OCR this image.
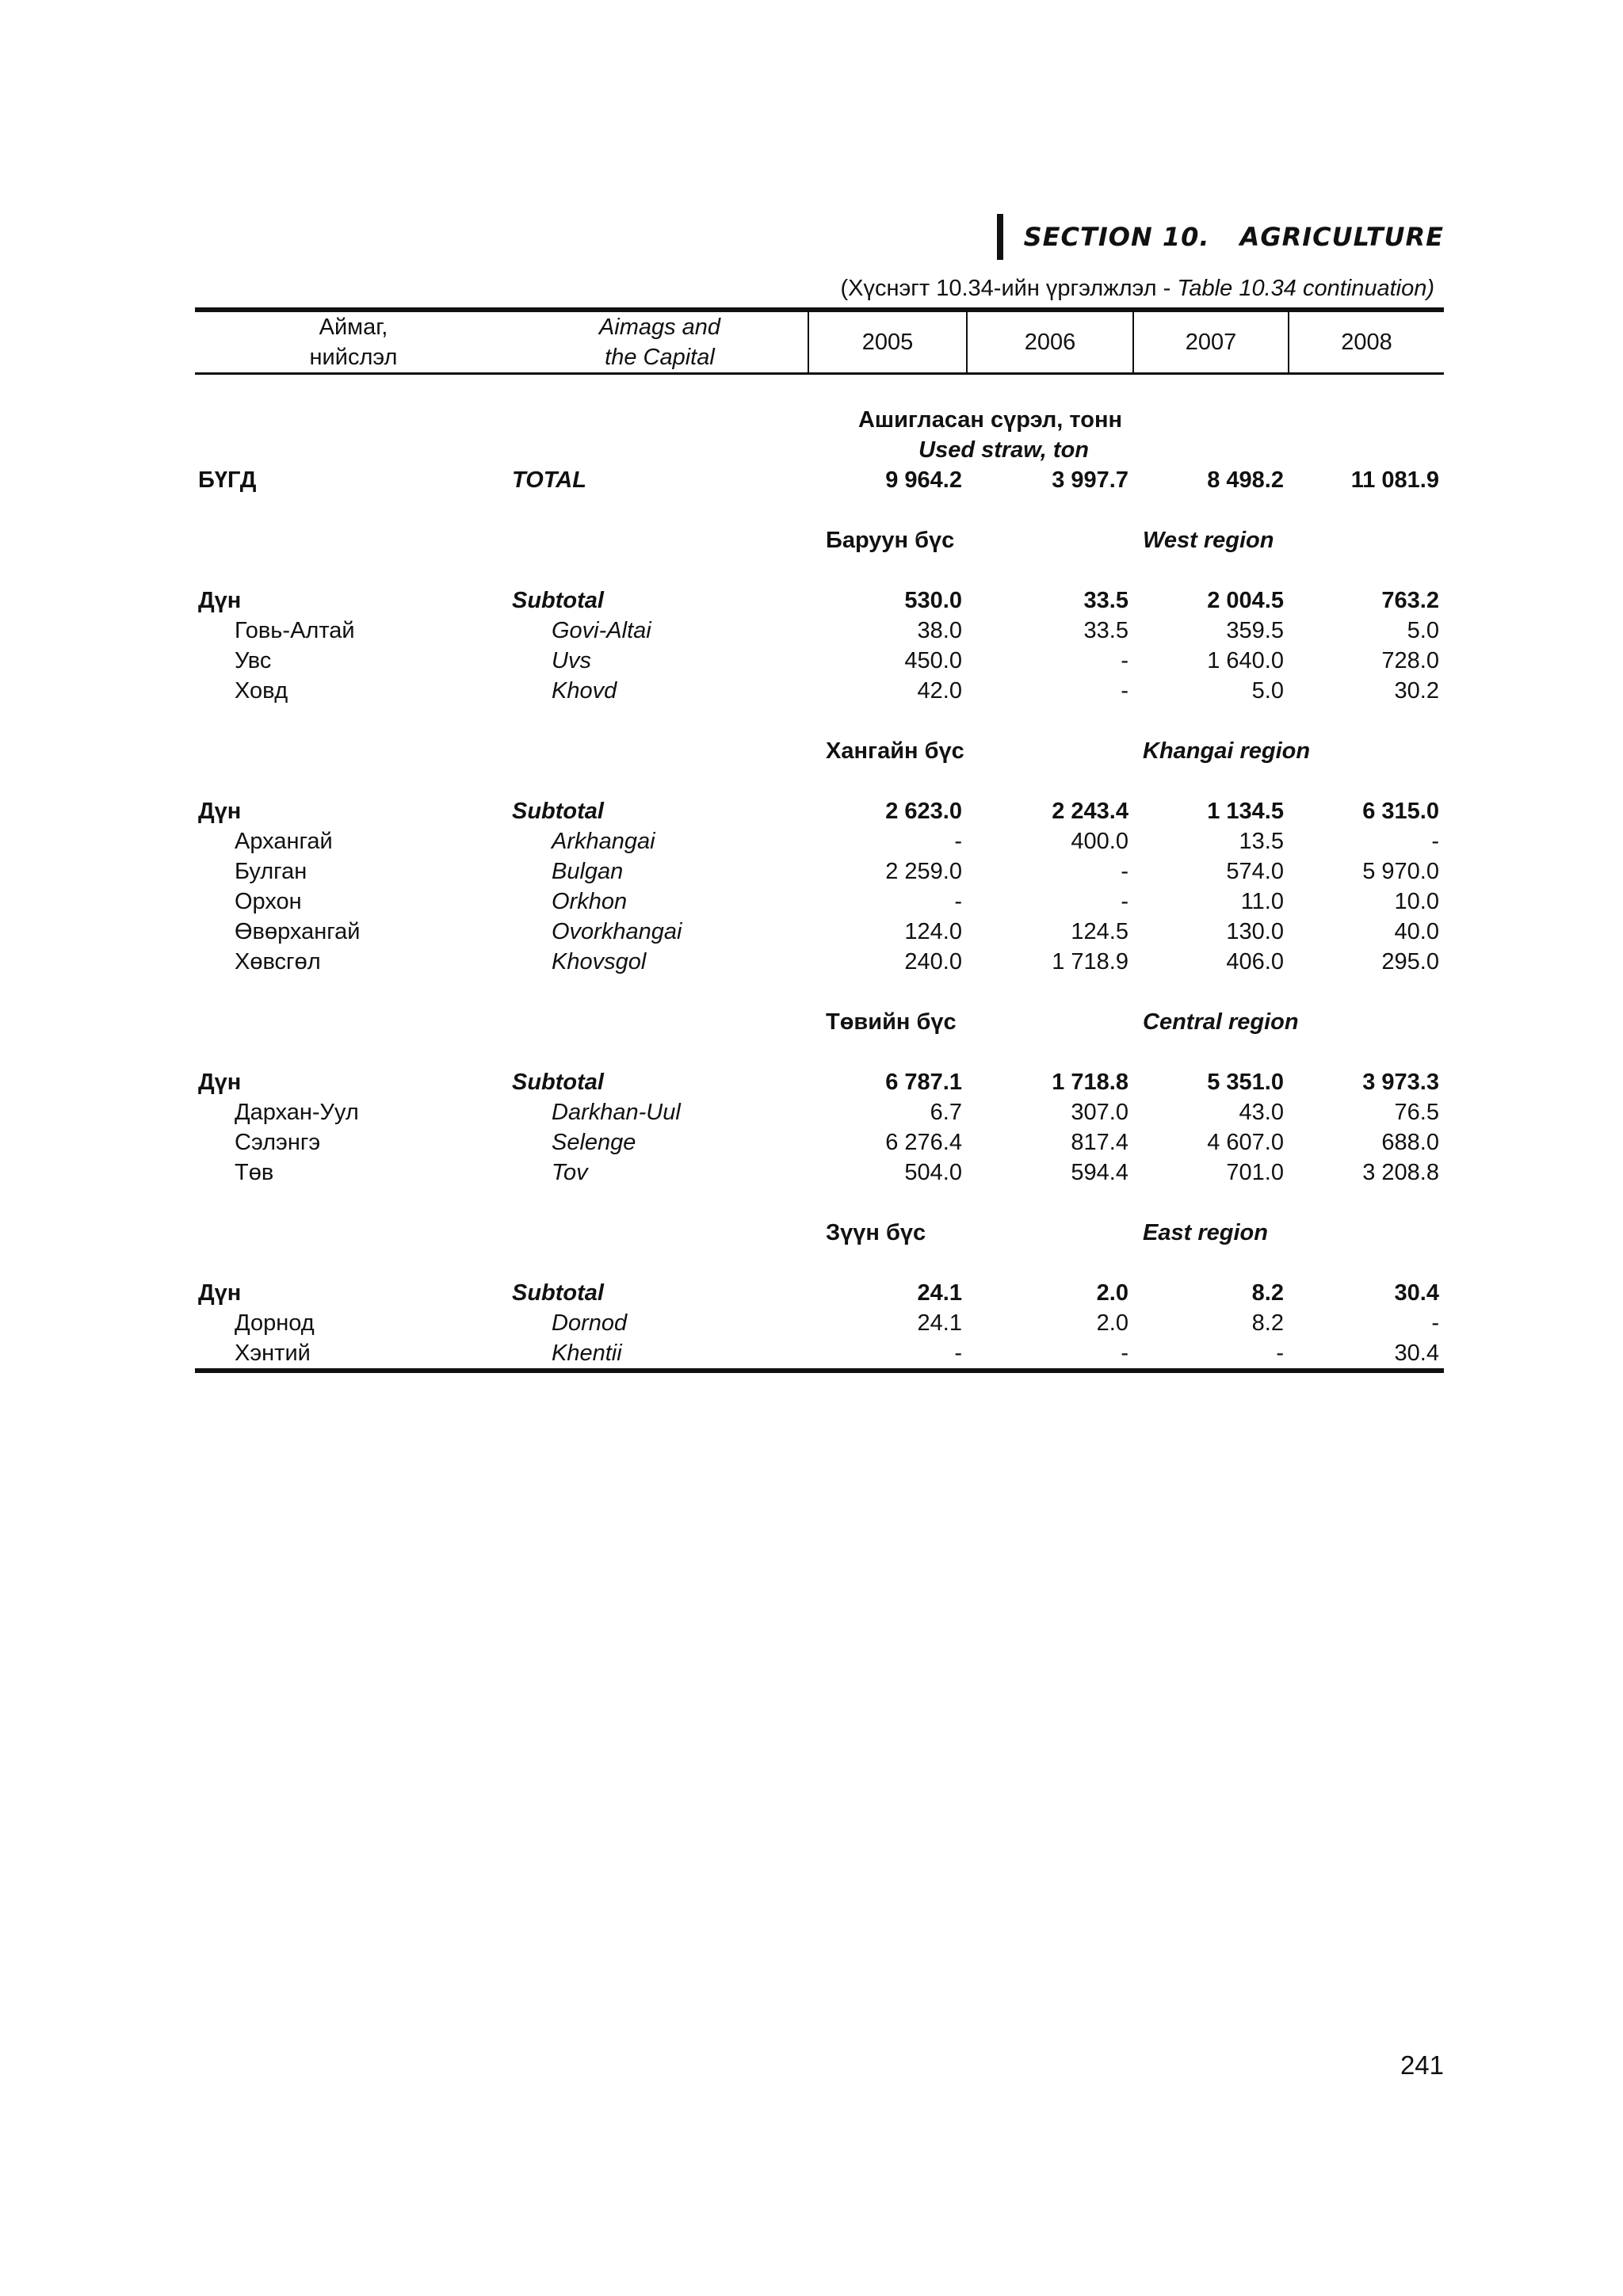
SECTION 10. AGRICULTURE
(Хүснэгт 10.34-ийн үргэлжлэл - Table 10.34 continuation)
Аймаг,
нийслэл	Aimags and
the Capital	2005	2006	2007	2008

	Ашигласан сүрэл, тонн				
	Used straw, ton				
БҮГД	TOTAL	9 964.2	3 997.7	8 498.2	11 081.9

		Баруун бүс		West region	

Дүн	Subtotal	530.0	33.5	2 004.5	763.2
Говь-Алтай	Govi-Altai	38.0	33.5	359.5	5.0
Увс	Uvs	450.0	-	1 640.0	728.0
Ховд	Khovd	42.0	-	5.0	30.2

		Хангайн бүс		Khangai region	

Дүн	Subtotal	2 623.0	2 243.4	1 134.5	6 315.0
Архангай	Arkhangai	-	400.0	13.5	-
Булган	Bulgan	2 259.0	-	574.0	5 970.0
Орхон	Orkhon	-	-	11.0	10.0
Өвөрхангай	Ovorkhangai	124.0	124.5	130.0	40.0
Хөвсгөл	Khovsgol	240.0	1 718.9	406.0	295.0

		Төвийн бүс		Central region	

Дүн	Subtotal	6 787.1	1 718.8	5 351.0	3 973.3
Дархан-Уул	Darkhan-Uul	6.7	307.0	43.0	76.5
Сэлэнгэ	Selenge	6 276.4	817.4	4 607.0	688.0
Төв	Tov	504.0	594.4	701.0	3 208.8

		Зүүн бүс		East region	

Дүн	Subtotal	24.1	2.0	8.2	30.4
Дорнод	Dornod	24.1	2.0	8.2	-
Хэнтий	Khentii	-	-	-	30.4
241
